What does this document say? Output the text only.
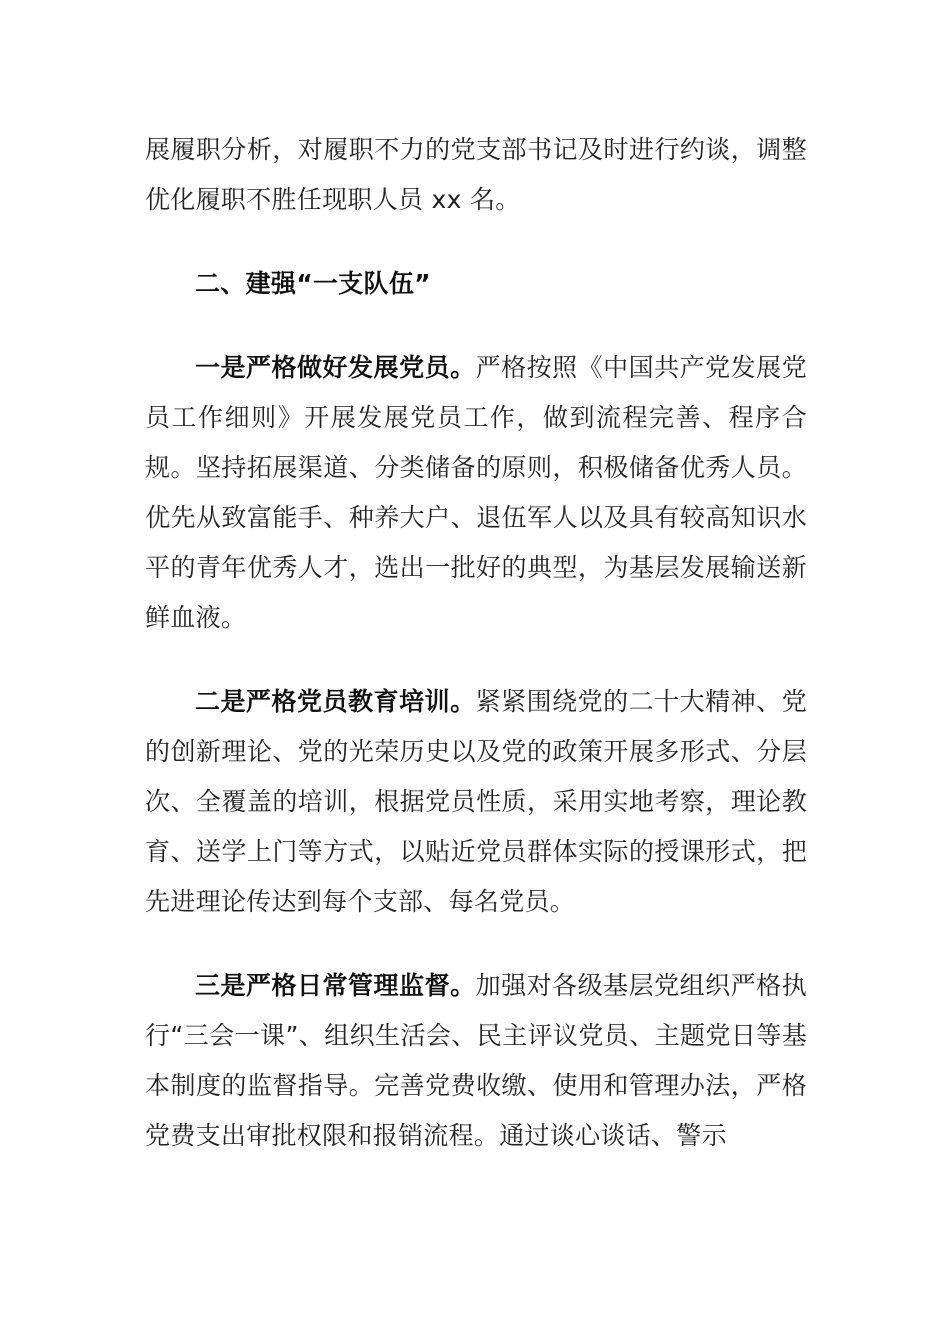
展履职分析，对履职不力的党支部书记及时进行约谈，调整优化履职不胜任现职人员 xx 名。

二、建强“一支队伍”

一是严格做好发展党员。严格按照《中国共产党发展党员工作细则》开展发展党员工作，做到流程完善、程序合规。坚持拓展渠道、分类储备的原则，积极储备优秀人员。优先从致富能手、种养大户、退伍军人以及具有较高知识水平的青年优秀人才，选出一批好的典型，为基层发展输送新鲜血液。

二是严格党员教育培训。紧紧围绕党的二十大精神、党的创新理论、党的光荣历史以及党的政策开展多形式、分层次、全覆盖的培训，根据党员性质，采用实地考察，理论教育、送学上门等方式，以贴近党员群体实际的授课形式，把先进理论传达到每个支部、每名党员。

三是严格日常管理监督。加强对各级基层党组织严格执行“三会一课”、组织生活会、民主评议党员、主题党日等基本制度的监督指导。完善党费收缴、使用和管理办法，严格党费支出审批权限和报销流程。通过谈心谈话、警示
